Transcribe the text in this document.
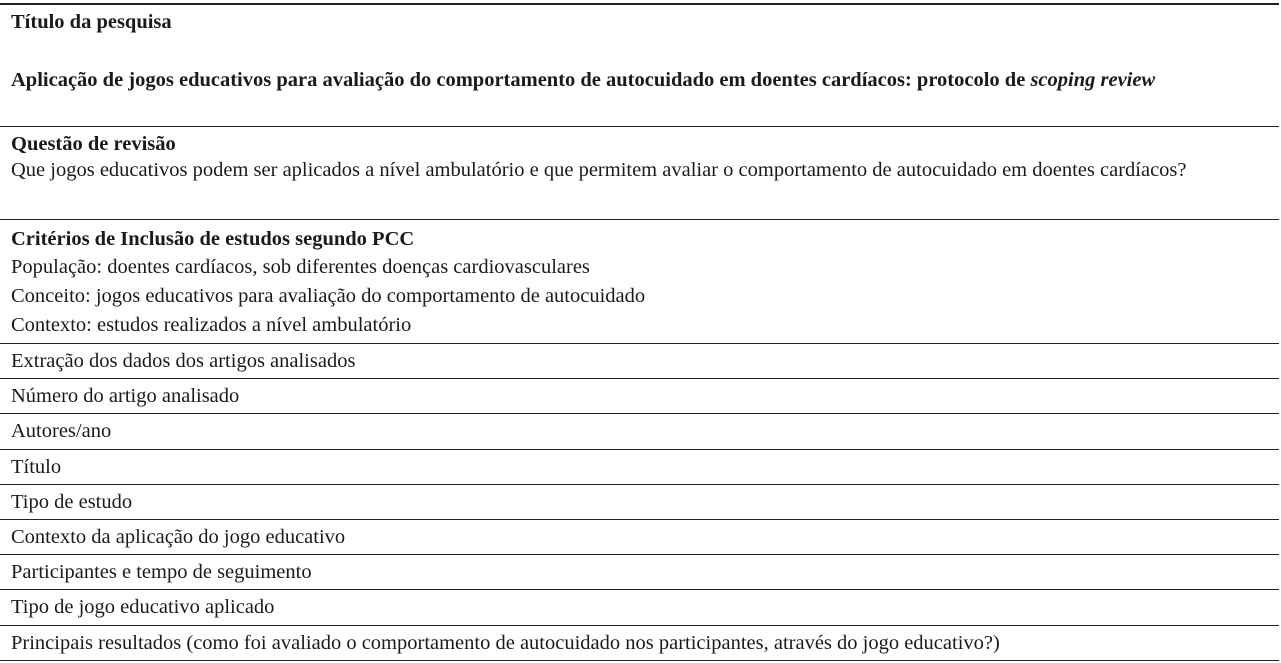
Título da pesquisa
Aplicação de jogos educativos para avaliação do comportamento de autocuidado em doentes cardíacos: protocolo de scoping review
Questão de revisão
Que jogos educativos podem ser aplicados a nível ambulatório e que permitem avaliar o comportamento de autocuidado em doentes cardíacos?
Critérios de Inclusão de estudos segundo PCC
População: doentes cardíacos, sob diferentes doenças cardiovasculares
Conceito: jogos educativos para avaliação do comportamento de autocuidado
Contexto: estudos realizados a nível ambulatório
Extração dos dados dos artigos analisados
Número do artigo analisado
Autores/ano
Título
Tipo de estudo
Contexto da aplicação do jogo educativo
Participantes e tempo de seguimento
Tipo de jogo educativo aplicado
Principais resultados (como foi avaliado o comportamento de autocuidado nos participantes, através do jogo educativo?)
